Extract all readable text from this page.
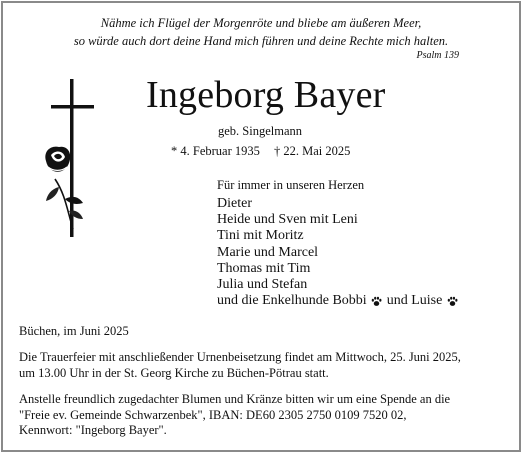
Nähme ich Flügel der Morgenröte und bliebe am äußeren Meer,
so würde auch dort deine Hand mich führen und deine Rechte mich halten.
Psalm 139
Ingeborg Bayer
geb. Singelmann
* 4. Februar 1935 † 22. Mai 2025
Für immer in unseren Herzen
Dieter
Heide und Sven mit Leni
Tini mit Moritz
Marie und Marcel
Thomas mit Tim
Julia und Stefan
und die Enkelhunde Bobbi und Luise
Büchen, im Juni 2025
Die Trauerfeier mit anschließender Urnenbeisetzung findet am Mittwoch, 25. Juni 2025,
um 13.00 Uhr in der St. Georg Kirche zu Büchen-Pötrau statt.
Anstelle freundlich zugedachter Blumen und Kränze bitten wir um eine Spende an die
"Freie ev. Gemeinde Schwarzenbek", IBAN: DE60 2305 2750 0109 7520 02,
Kennwort: "Ingeborg Bayer".
